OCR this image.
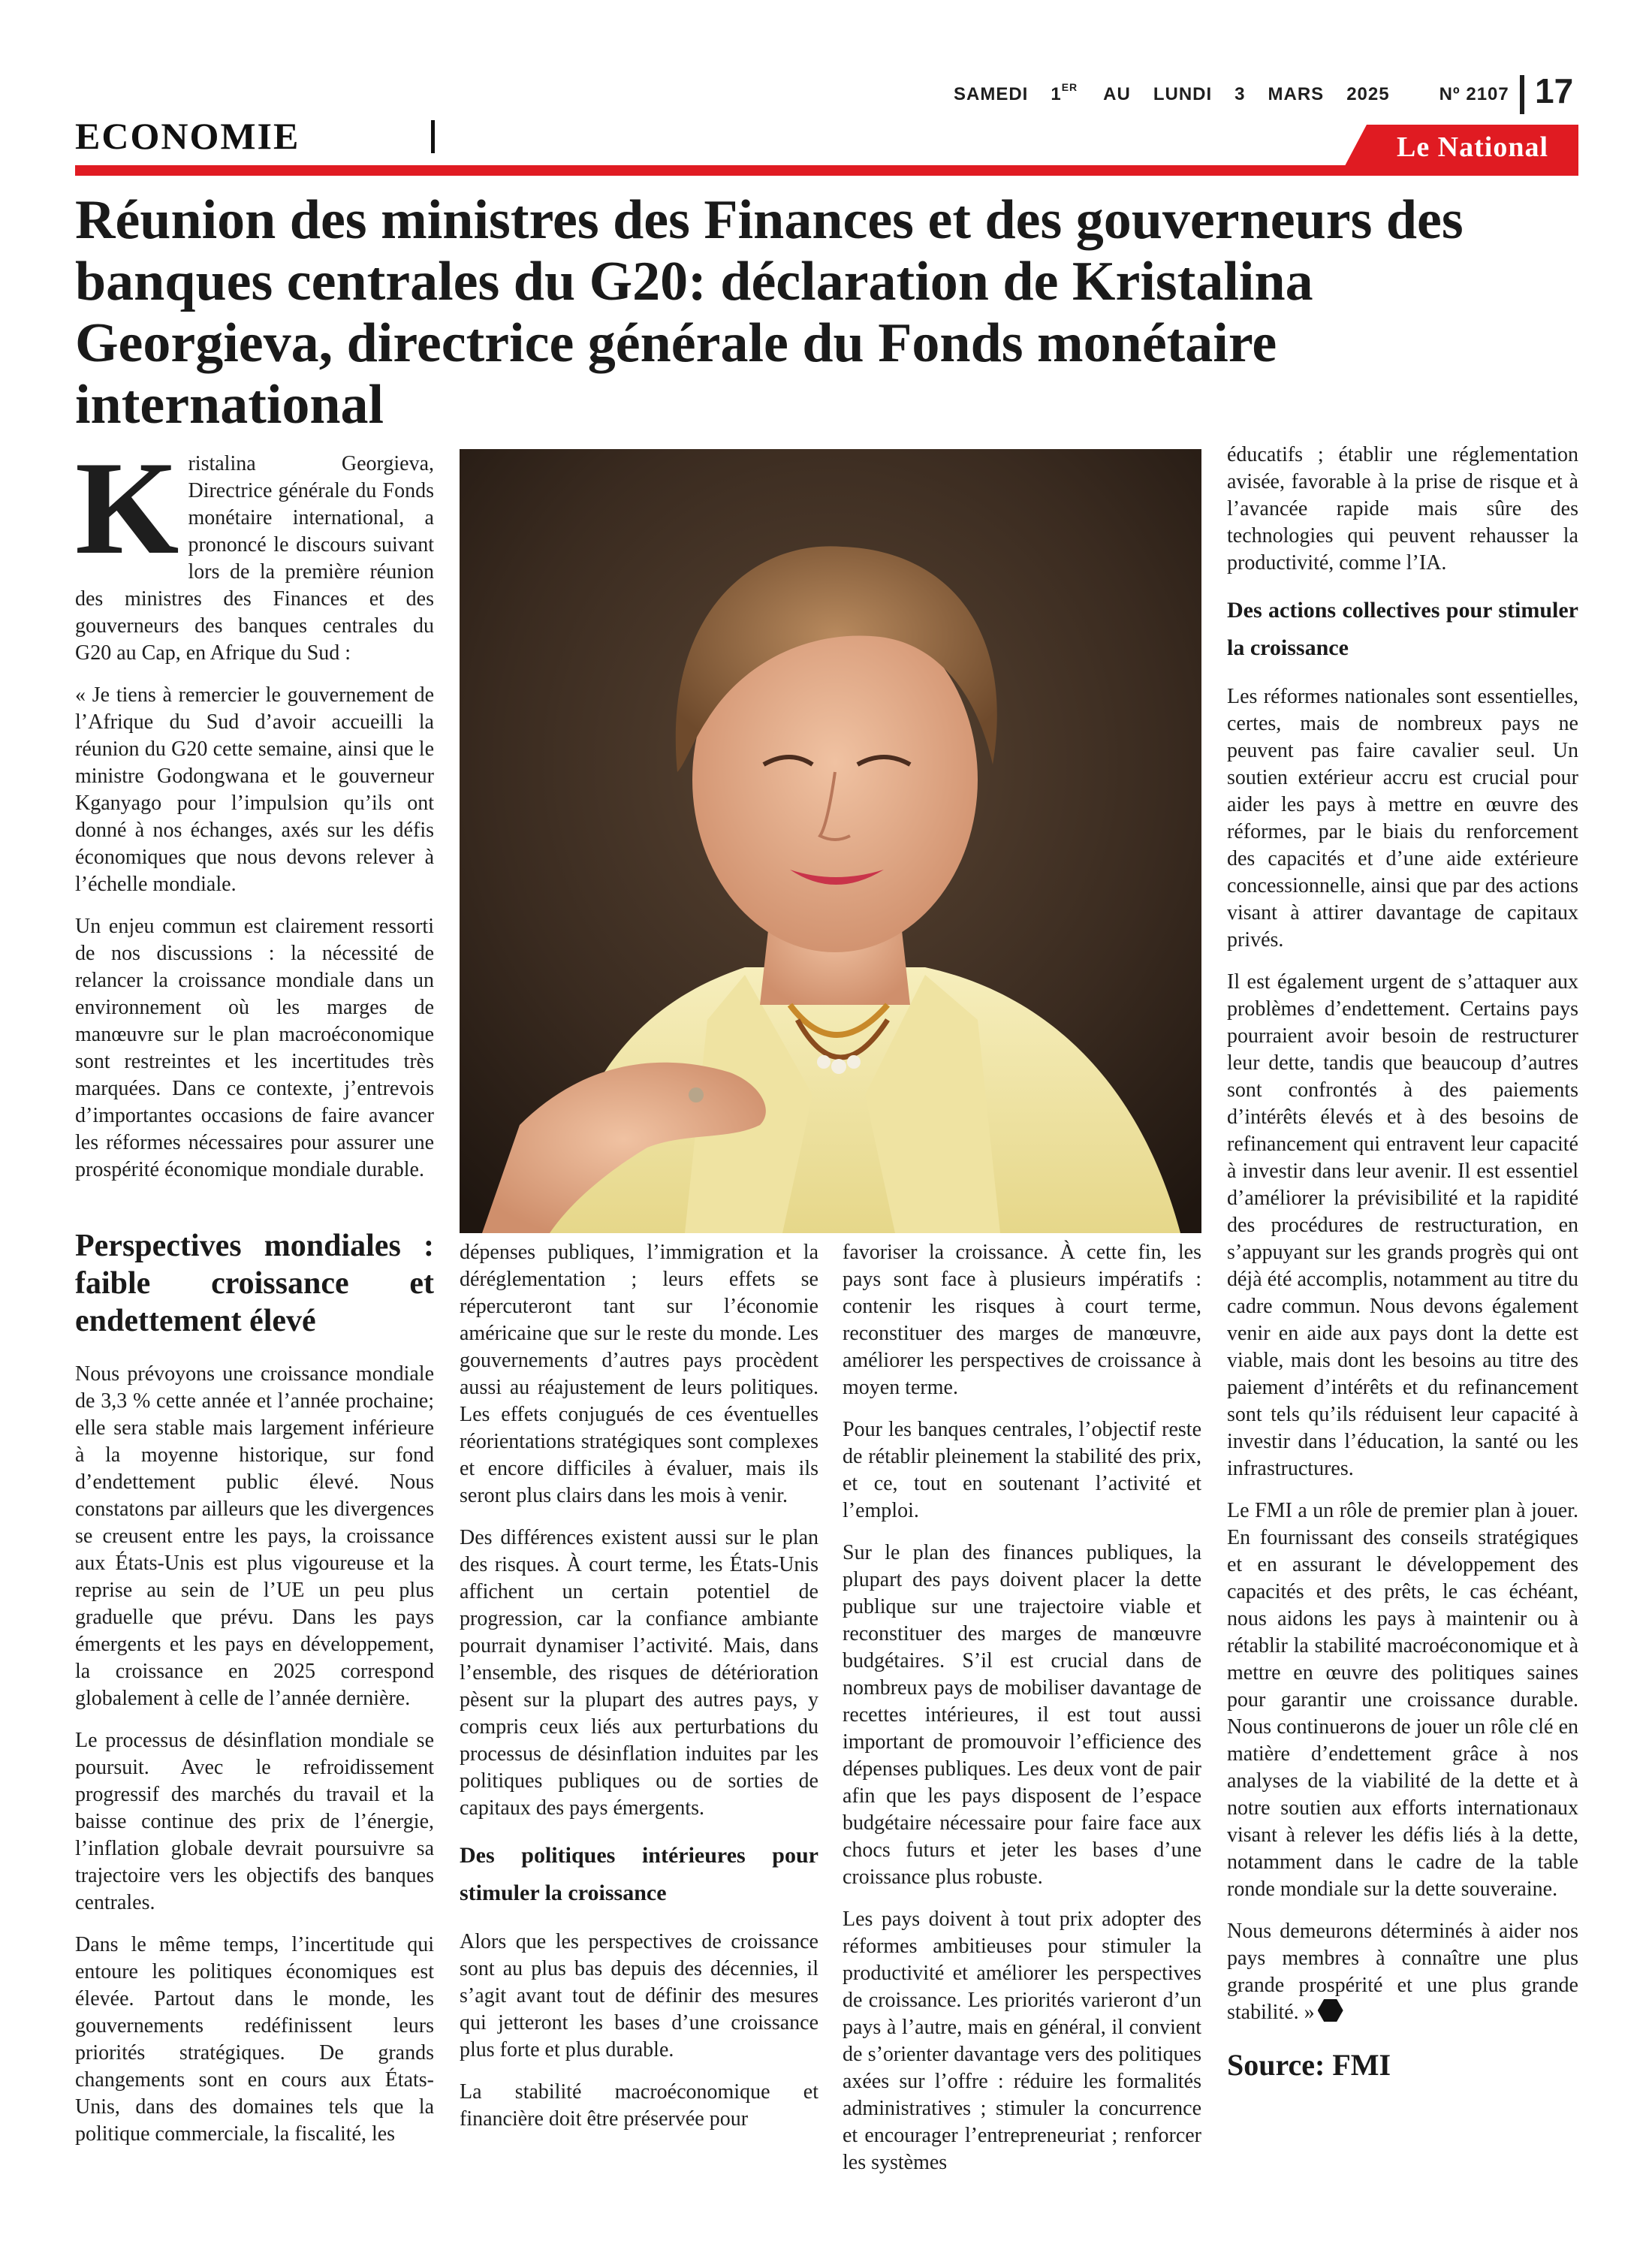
SAMEDI 1ER AU LUNDI 3 MARS 2025	Nº 2107 17
ECONOMIE	Le National
Réunion des ministres des Finances et des gouverneurs des banques centrales du G20: déclaration de Kristalina Georgieva, directrice générale du Fonds monétaire international

Kristalina Georgieva, Directrice générale du Fonds monétaire international, a prononcé le discours suivant lors de la première réunion des ministres des Finances et des gouverneurs des banques centrales du G20 au Cap, en Afrique du Sud :

« Je tiens à remercier le gouvernement de l’Afrique du Sud d’avoir accueilli la réunion du G20 cette semaine, ainsi que le ministre Godongwana et le gouverneur Kganyago pour l’impulsion qu’ils ont donné à nos échanges, axés sur les défis économiques que nous devons relever à l’échelle mondiale.

Un enjeu commun est clairement ressorti de nos discussions : la nécessité de relancer la croissance mondiale dans un environnement où les marges de manœuvre sur le plan macroéconomique sont restreintes et les incertitudes très marquées. Dans ce contexte, j’entrevois d’importantes occasions de faire avancer les réformes nécessaires pour assurer une prospérité économique mondiale durable.

Perspectives mondiales : faible croissance et endettement élevé

Nous prévoyons une croissance mondiale de 3,3 % cette année et l’année prochaine; elle sera stable mais largement inférieure à la moyenne historique, sur fond d’endettement public élevé. Nous constatons par ailleurs que les divergences se creusent entre les pays, la croissance aux États-Unis est plus vigoureuse et la reprise au sein de l’UE un peu plus graduelle que prévu. Dans les pays émergents et les pays en développement, la croissance en 2025 correspond globalement à celle de l’année dernière.

Le processus de désinflation mondiale se poursuit. Avec le refroidissement progressif des marchés du travail et la baisse continue des prix de l’énergie, l’inflation globale devrait poursuivre sa trajectoire vers les objectifs des banques centrales.

Dans le même temps, l’incertitude qui entoure les politiques économiques est élevée. Partout dans le monde, les gouvernements redéfinissent leurs priorités stratégiques. De grands changements sont en cours aux États-Unis, dans des domaines tels que la politique commerciale, la fiscalité, les

dépenses publiques, l’immigration et la déréglementation ; leurs effets se répercuteront tant sur l’économie américaine que sur le reste du monde. Les gouvernements d’autres pays procèdent aussi au réajustement de leurs politiques. Les effets conjugués de ces éventuelles réorientations stratégiques sont complexes et encore difficiles à évaluer, mais ils seront plus clairs dans les mois à venir.

Des différences existent aussi sur le plan des risques. À court terme, les États-Unis affichent un certain potentiel de progression, car la confiance ambiante pourrait dynamiser l’activité. Mais, dans l’ensemble, des risques de détérioration pèsent sur la plupart des autres pays, y compris ceux liés aux perturbations du processus de désinflation induites par les politiques publiques ou de sorties de capitaux des pays émergents.

Des politiques intérieures pour stimuler la croissance

Alors que les perspectives de croissance sont au plus bas depuis des décennies, il s’agit avant tout de définir des mesures qui jetteront les bases d’une croissance plus forte et plus durable.

La stabilité macroéconomique et financière doit être préservée pour

favoriser la croissance. À cette fin, les pays sont face à plusieurs impératifs : contenir les risques à court terme, reconstituer des marges de manœuvre, améliorer les perspectives de croissance à moyen terme.

Pour les banques centrales, l’objectif reste de rétablir pleinement la stabilité des prix, et ce, tout en soutenant l’activité et l’emploi.

Sur le plan des finances publiques, la plupart des pays doivent placer la dette publique sur une trajectoire viable et reconstituer des marges de manœuvre budgétaires. S’il est crucial dans de nombreux pays de mobiliser davantage de recettes intérieures, il est tout aussi important de promouvoir l’efficience des dépenses publiques. Les deux vont de pair afin que les pays disposent de l’espace budgétaire nécessaire pour faire face aux chocs futurs et jeter les bases d’une croissance plus robuste.

Les pays doivent à tout prix adopter des réformes ambitieuses pour stimuler la productivité et améliorer les perspectives de croissance. Les priorités varieront d’un pays à l’autre, mais en général, il convient de s’orienter davantage vers des politiques axées sur l’offre : réduire les formalités administratives ; stimuler la concurrence et encourager l’entrepreneuriat ; renforcer les systèmes

éducatifs ; établir une réglementation avisée, favorable à la prise de risque et à l’avancée rapide mais sûre des technologies qui peuvent rehausser la productivité, comme l’IA.

Des actions collectives pour stimuler la croissance

Les réformes nationales sont essentielles, certes, mais de nombreux pays ne peuvent pas faire cavalier seul. Un soutien extérieur accru est crucial pour aider les pays à mettre en œuvre des réformes, par le biais du renforcement des capacités et d’une aide extérieure concessionnelle, ainsi que par des actions visant à attirer davantage de capitaux privés.

Il est également urgent de s’attaquer aux problèmes d’endettement. Certains pays pourraient avoir besoin de restructurer leur dette, tandis que beaucoup d’autres sont confrontés à des paiements d’intérêts élevés et à des besoins de refinancement qui entravent leur capacité à investir dans leur avenir. Il est essentiel d’améliorer la prévisibilité et la rapidité des procédures de restructuration, en s’appuyant sur les grands progrès qui ont déjà été accomplis, notamment au titre du cadre commun. Nous devons également venir en aide aux pays dont la dette est viable, mais dont les besoins au titre des paiement d’intérêts et du refinancement sont tels qu’ils réduisent leur capacité à investir dans l’éducation, la santé ou les infrastructures.

Le FMI a un rôle de premier plan à jouer. En fournissant des conseils stratégiques et en assurant le développement des capacités et des prêts, le cas échéant, nous aidons les pays à maintenir ou à rétablir la stabilité macroéconomique et à mettre en œuvre des politiques saines pour garantir une croissance durable. Nous continuerons de jouer un rôle clé en matière d’endettement grâce à nos analyses de la viabilité de la dette et à notre soutien aux efforts internationaux visant à relever les défis liés à la dette, notamment dans le cadre de la table ronde mondiale sur la dette souveraine.

Nous demeurons déterminés à aider nos pays membres à connaître une plus grande prospérité et une plus grande stabilité. »

Source: FMI
